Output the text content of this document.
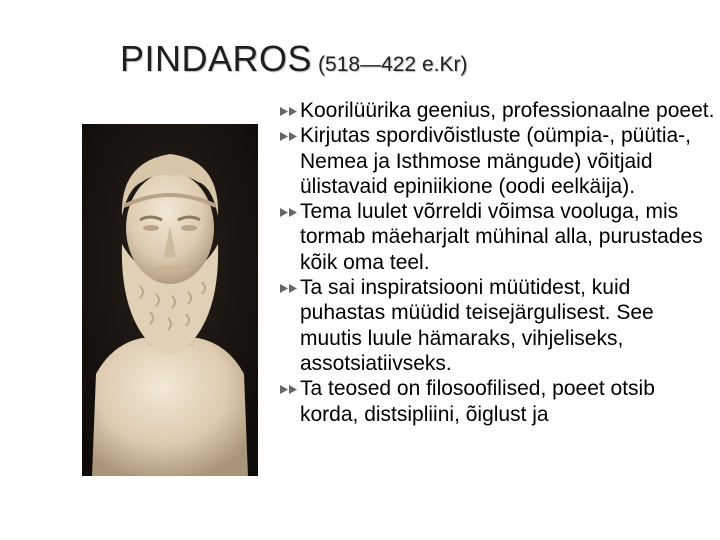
PINDAROS (518—422 e.Kr)
Koorilüürika geenius, professionaalne poeet.
Kirjutas spordivõistluste (oümpia-, püütia-, Nemea ja Isthmose mängude) võitjaid ülistavaid epiniikione (oodi eelkäija).
Tema luulet võrreldi võimsa vooluga, mis tormab mäeharjalt mühinal alla, purustades kõik oma teel.
Ta sai inspiratsiooni müütidest, kuid puhastas müüdid teisejärgulisest. See muutis luule hämaraks, vihjeliseks, assotsiatiivseks.
Ta teosed on filosoofilised, poeet otsib korda, distsipliini, õiglust ja
